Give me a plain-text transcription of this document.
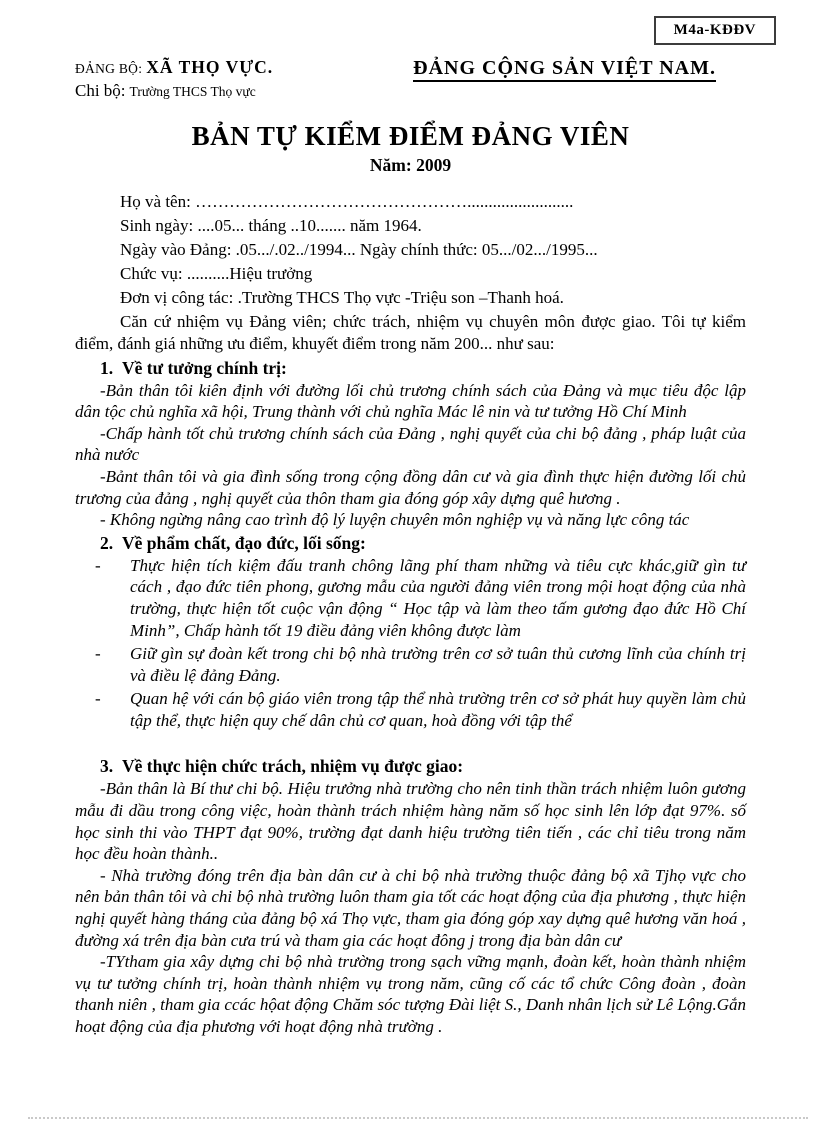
M4a-KĐĐV
ĐẢNG BỘ: XÃ THỌ VỰC.
Chi bộ: Trường THCS Thọ vực
ĐẢNG CỘNG SẢN VIỆT NAM.
BẢN TỰ KIỂM ĐIỂM ĐẢNG VIÊN
Năm: 2009
Họ và tên: ………………………………………….........................
Sinh ngày: ....05... tháng ..10....... năm 1964.
Ngày vào Đảng: .05.../.02../1994... Ngày chính thức: 05.../02.../1995...
Chức vụ: ..........Hiệu trưởng
Đơn vị công tác: .Trường THCS Thọ vực -Triệu son –Thanh hoá.

Căn cứ nhiệm vụ Đảng viên; chức trách, nhiệm vụ chuyên môn được giao. Tôi tự kiểm điểm, đánh giá những ưu điểm, khuyết điểm trong năm 200... như sau:

1. Về tư tưởng chính trị:

-Bản thân tôi kiên định với đường lối chủ trương chính sách của Đảng và mục tiêu độc lập dân tộc chủ nghĩa xã hội, Trung thành với chủ nghĩa Mác lê nin và tư tưởng Hồ Chí Minh

-Chấp hành tốt chủ trương chính sách của Đảng , nghị quyết của chi bộ đảng , pháp luật của nhà nước

-Bảnt thân tôi và gia đình sống trong cộng đồng dân cư và gia đình thực hiện đường lối chủ trương của đảng , nghị quyết của thôn tham gia đóng góp xây dựng quê hương .

- Không ngừng nâng cao trình độ lý luyện chuyên môn nghiệp vụ và năng lực công tác

2. Về phẩm chất, đạo đức, lối sống:
- Thực hiện tích kiệm đấu tranh chông lãng phí tham những và tiêu cực khác,giữ gìn tư cách , đạo đức tiên phong, gương mẫu của người đảng viên trong mội hoạt động của nhà trường, thực hiện tốt cuộc vận động “ Học tập và làm theo tấm gương đạo đức Hồ Chí Minh”, Chấp hành tốt 19 điều đảng viên không được làm
- Giữ gìn sự đoàn kết trong chi bộ nhà trường trên cơ sở tuân thủ cương lĩnh của chính trị và điều lệ đảng Đảng.
- Quan hệ với cán bộ giáo viên trong tập thể nhà trường trên cơ sở phát huy quyền làm chủ tập thể, thực hiện quy chế dân chủ cơ quan, hoà đồng với tập thể
3. Về thực hiện chức trách, nhiệm vụ được giao:

-Bản thân là Bí thư chi bộ. Hiệu trưởng nhà trường cho nên tinh thần trách nhiệm luôn gương mẫu đi dầu trong công việc, hoàn thành trách nhiệm hàng năm số học sinh lên lớp đạt 97%. số học sinh thi vào THPT đạt 90%, trường đạt danh hiệu trường tiên tiến , các chỉ tiêu trong năm học đều hoàn thành..

- Nhà trường đóng trên địa bàn dân cư à chi bộ nhà trường thuộc đảng bộ xã Tjhọ vực cho nên bản thân tôi và chi bộ nhà trường luôn tham gia tốt các hoạt động của địa phương , thực hiện nghị quyết hàng tháng của đảng bộ xá Thọ vực, tham gia đóng góp xay dựng quê hương văn hoá , đường xá trên địa bàn cưa trú và tham gia các hoạt đông j trong địa bàn dân cư

-TYtham gia xây dựng chi bộ nhà trường trong sạch vững mạnh, đoàn kết, hoàn thành nhiệm vụ tư tưởng chính trị, hoàn thành nhiệm vụ trong năm, cũng cố các tổ chức Công đoàn , đoàn thanh niên , tham gia ccác hộat động Chăm sóc tượng Đài liệt S., Danh nhân lịch sử Lê Lộng.Gắn hoạt động của địa phương với hoạt động nhà trường .
